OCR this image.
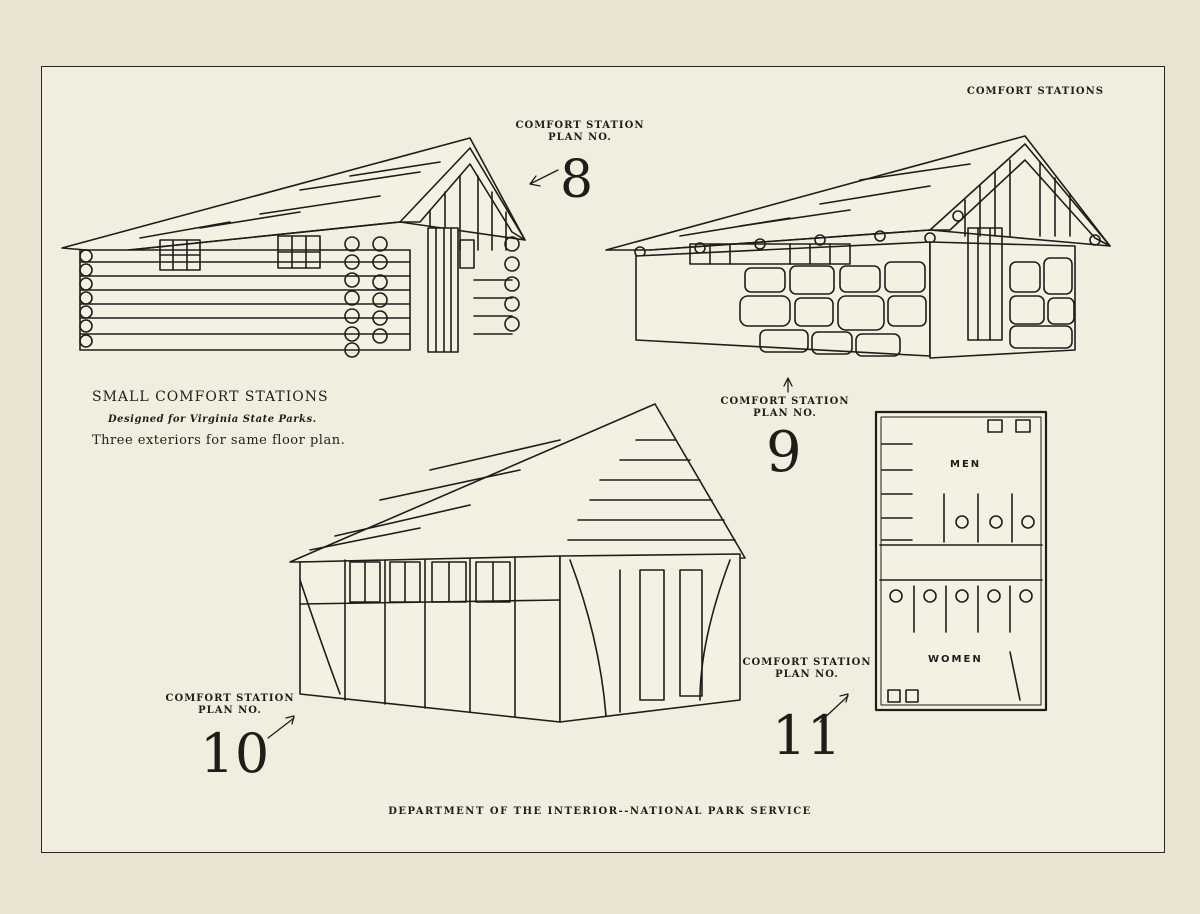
COMFORT STATIONS

COMFORT STATION
PLAN NO.
8
COMFORT STATION
PLAN NO.
9
COMFORT STATION
PLAN NO.
10
COMFORT STATION
PLAN NO.
11

SMALL COMFORT STATIONS

Designed for Virginia State Parks.

Three exteriors for same floor plan.

MEN

WOMEN

DEPARTMENT OF THE INTERIOR--NATIONAL PARK SERVICE
